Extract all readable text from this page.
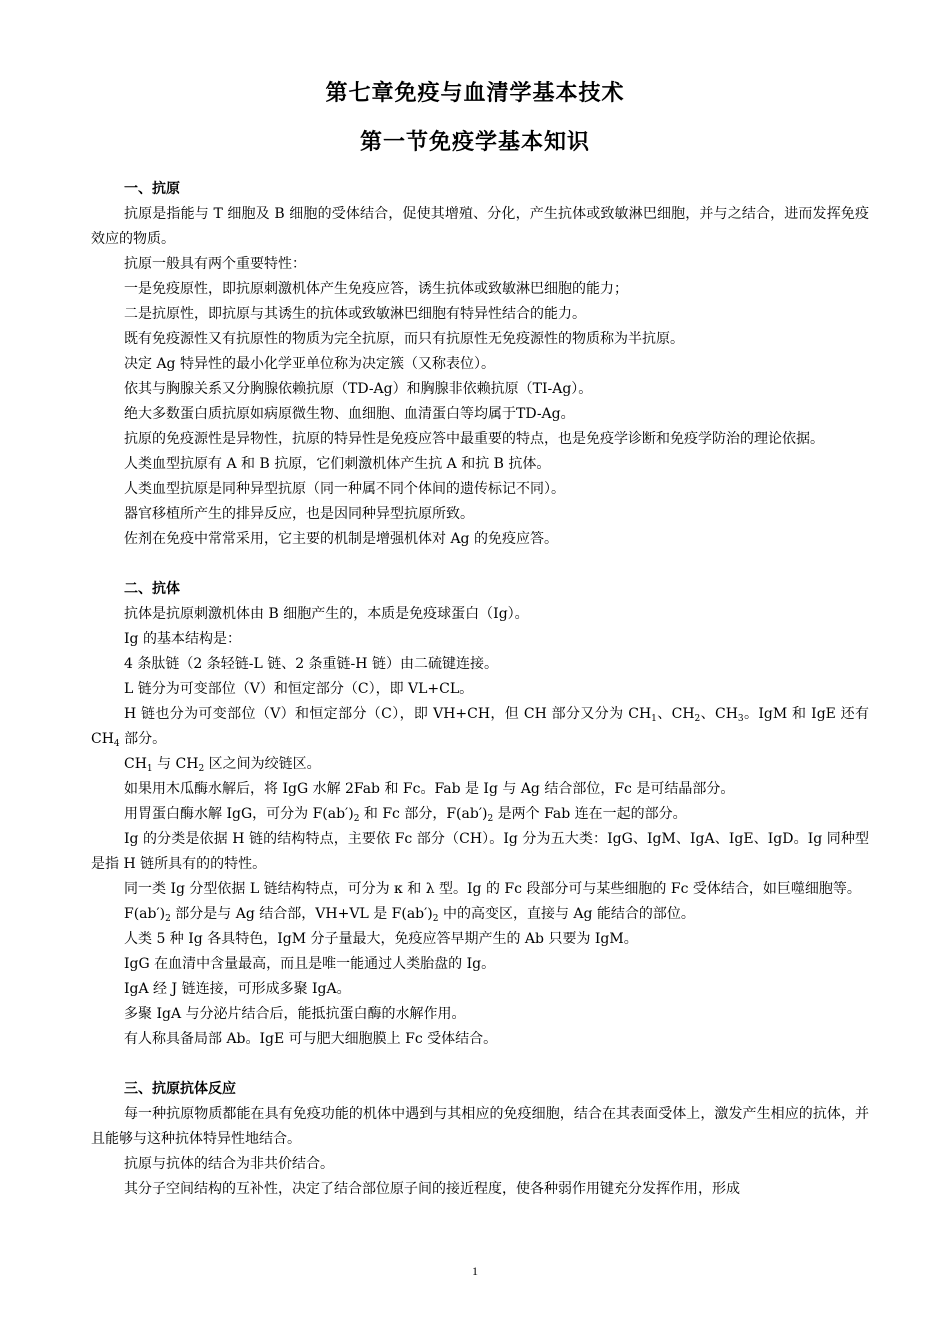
第七章免疫与血清学基本技术
第一节免疫学基本知识
一、抗原

抗原是指能与 T 细胞及 B 细胞的受体结合，促使其增殖、分化，产生抗体或致敏淋巴细胞，并与之结合，进而发挥免疫效应的物质。

抗原一般具有两个重要特性：

一是免疫原性，即抗原刺激机体产生免疫应答，诱生抗体或致敏淋巴细胞的能力；

二是抗原性，即抗原与其诱生的抗体或致敏淋巴细胞有特异性结合的能力。

既有免疫源性又有抗原性的物质为完全抗原，而只有抗原性无免疫源性的物质称为半抗原。

决定 Ag 特异性的最小化学亚单位称为决定簇（又称表位）。

依其与胸腺关系又分胸腺依赖抗原（TD-Ag）和胸腺非依赖抗原（TI-Ag）。

绝大多数蛋白质抗原如病原微生物、血细胞、血清蛋白等均属于TD-Ag。

抗原的免疫源性是异物性，抗原的特异性是免疫应答中最重要的特点，也是免疫学诊断和免疫学防治的理论依据。

人类血型抗原有 A 和 B 抗原，它们刺激机体产生抗 A 和抗 B 抗体。

人类血型抗原是同种异型抗原（同一种属不同个体间的遗传标记不同）。

器官移植所产生的排异反应，也是因同种异型抗原所致。

佐剂在免疫中常常采用，它主要的机制是增强机体对 Ag 的免疫应答。

二、抗体

抗体是抗原刺激机体由 B 细胞产生的，本质是免疫球蛋白（Ig）。

Ig 的基本结构是：

4 条肽链（2 条轻链-L 链、2 条重链-H 链）由二硫键连接。

L 链分为可变部位（V）和恒定部分（C），即 VL+CL。

H 链也分为可变部位（V）和恒定部分（C），即 VH+CH，但 CH 部分又分为 $CH_1$、$CH_2$、$CH_3$。IgM 和 IgE 还有 $CH_4$ 部分。

$CH_1$ 与 $CH_2$ 区之间为绞链区。

如果用木瓜酶水解后，将 IgG 水解 2Fab 和 Fc。Fab 是 Ig 与 Ag 结合部位，Fc 是可结晶部分。

用胃蛋白酶水解 IgG，可分为 $F(ab')_2$ 和 Fc 部分，$F(ab')_2$ 是两个 Fab 连在一起的部分。

Ig 的分类是依据 H 链的结构特点，主要依 Fc 部分（CH）。Ig 分为五大类：IgG、IgM、IgA、IgE、IgD。Ig 同种型是指 H 链所具有的的特性。

同一类 Ig 分型依据 L 链结构特点，可分为 κ 和 λ 型。Ig 的 Fc 段部分可与某些细胞的 Fc 受体结合，如巨噬细胞等。

$F(ab')_2$ 部分是与 Ag 结合部，VH+VL 是 $F(ab')_2$ 中的高变区，直接与 Ag 能结合的部位。

人类 5 种 Ig 各具特色，IgM 分子量最大，免疫应答早期产生的 Ab 只要为 IgM。

IgG 在血清中含量最高，而且是唯一能通过人类胎盘的 Ig。

IgA 经 J 链连接，可形成多聚 IgA。

多聚 IgA 与分泌片结合后，能抵抗蛋白酶的水解作用。

有人称具备局部 Ab。IgE 可与肥大细胞膜上 Fc 受体结合。

三、抗原抗体反应

每一种抗原物质都能在具有免疫功能的机体中遇到与其相应的免疫细胞，结合在其表面受体上，激发产生相应的抗体，并且能够与这种抗体特异性地结合。

抗原与抗体的结合为非共价结合。

其分子空间结构的互补性，决定了结合部位原子间的接近程度，使各种弱作用键充分发挥作用，形成

1
